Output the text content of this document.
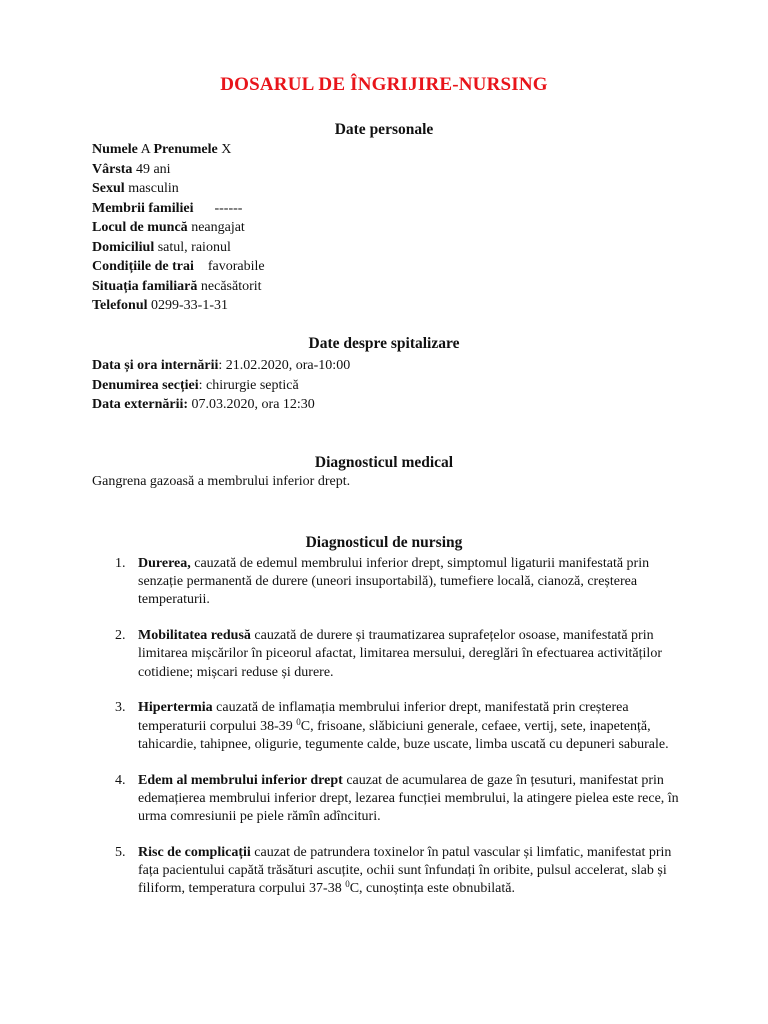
DOSARUL DE ÎNGRIJIRE-NURSING
Date personale
Numele A Prenumele X
Vârsta 49 ani
Sexul masculin
Membrii familiei      ------
Locul de muncă neangajat
Domiciliul satul, raionul
Condițiile de trai    favorabile
Situația familiară necăsătorit
Telefonul 0299-33-1-31
Date despre spitalizare
Data și ora internării: 21.02.2020, ora-10:00
Denumirea secției: chirurgie septică
Data externării: 07.03.2020, ora 12:30
Diagnosticul medical
Gangrena gazoasă a membrului inferior drept.
Diagnosticul de nursing
1. Durerea, cauzată de edemul membrului inferior drept, simptomul ligaturii manifestată prin senzație permanentă de durere (uneori insuportabilă), tumefiere locală, cianoză, creșterea temperaturii.
2. Mobilitatea redusă cauzată de durere și traumatizarea suprafețelor osoase, manifestată prin limitarea mișcărilor în piceorul afactat, limitarea mersului, dereglări în efectuarea activităților cotidiene; mișcari reduse și durere.
3. Hipertermia cauzată de inflamația membrului inferior drept, manifestată prin creșterea temperaturii corpului 38-39 $^0$C, frisoane, slăbiciuni generale, cefaee, vertij, sete, inapetență, tahicardie, tahipnee, oligurie, tegumente calde, buze uscate, limba uscată cu depuneri saburale.
4. Edem al membrului inferior drept cauzat de acumularea de gaze în țesuturi, manifestat prin edemațierea membrului inferior drept, lezarea funcției membrului, la atingere pielea este rece, în urma comresiunii pe piele rămîn adînciturі.
5. Risc de complicații cauzat de patrundera toxinelor în patul vascular și limfatic, manifestat prin fața pacientului capătă trăsături ascuțite, ochii sunt înfundați în oribite, pulsul accelerat, slab și filiform, temperatura corpului 37-38 $^0$C, cunoștința este obnubilată.
